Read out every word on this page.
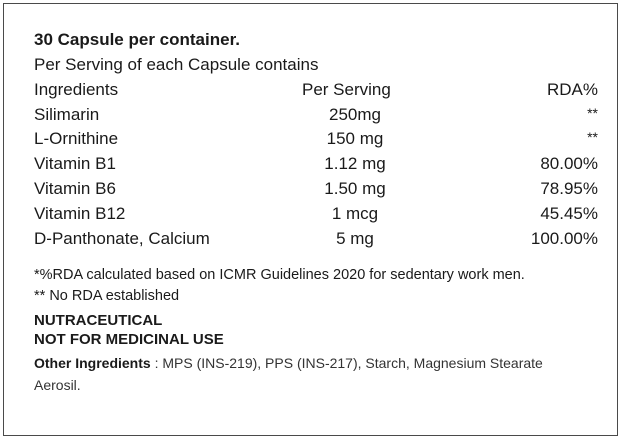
30 Capsule per container.
Per Serving of each Capsule contains
Ingredients	Per Serving	RDA%
Silimarin	250mg	**
L-Ornithine	150 mg	**
Vitamin B1	1.12 mg	80.00%
Vitamin B6	1.50 mg	78.95%
Vitamin B12	1 mcg	45.45%
D-Panthonate, Calcium	5 mg	100.00%
*%RDA calculated based on ICMR Guidelines 2020 for sedentary work men.
** No RDA established
NUTRACEUTICAL
NOT FOR MEDICINAL USE
Other Ingredients : MPS (INS-219), PPS (INS-217), Starch, Magnesium Stearate
Aerosil.
